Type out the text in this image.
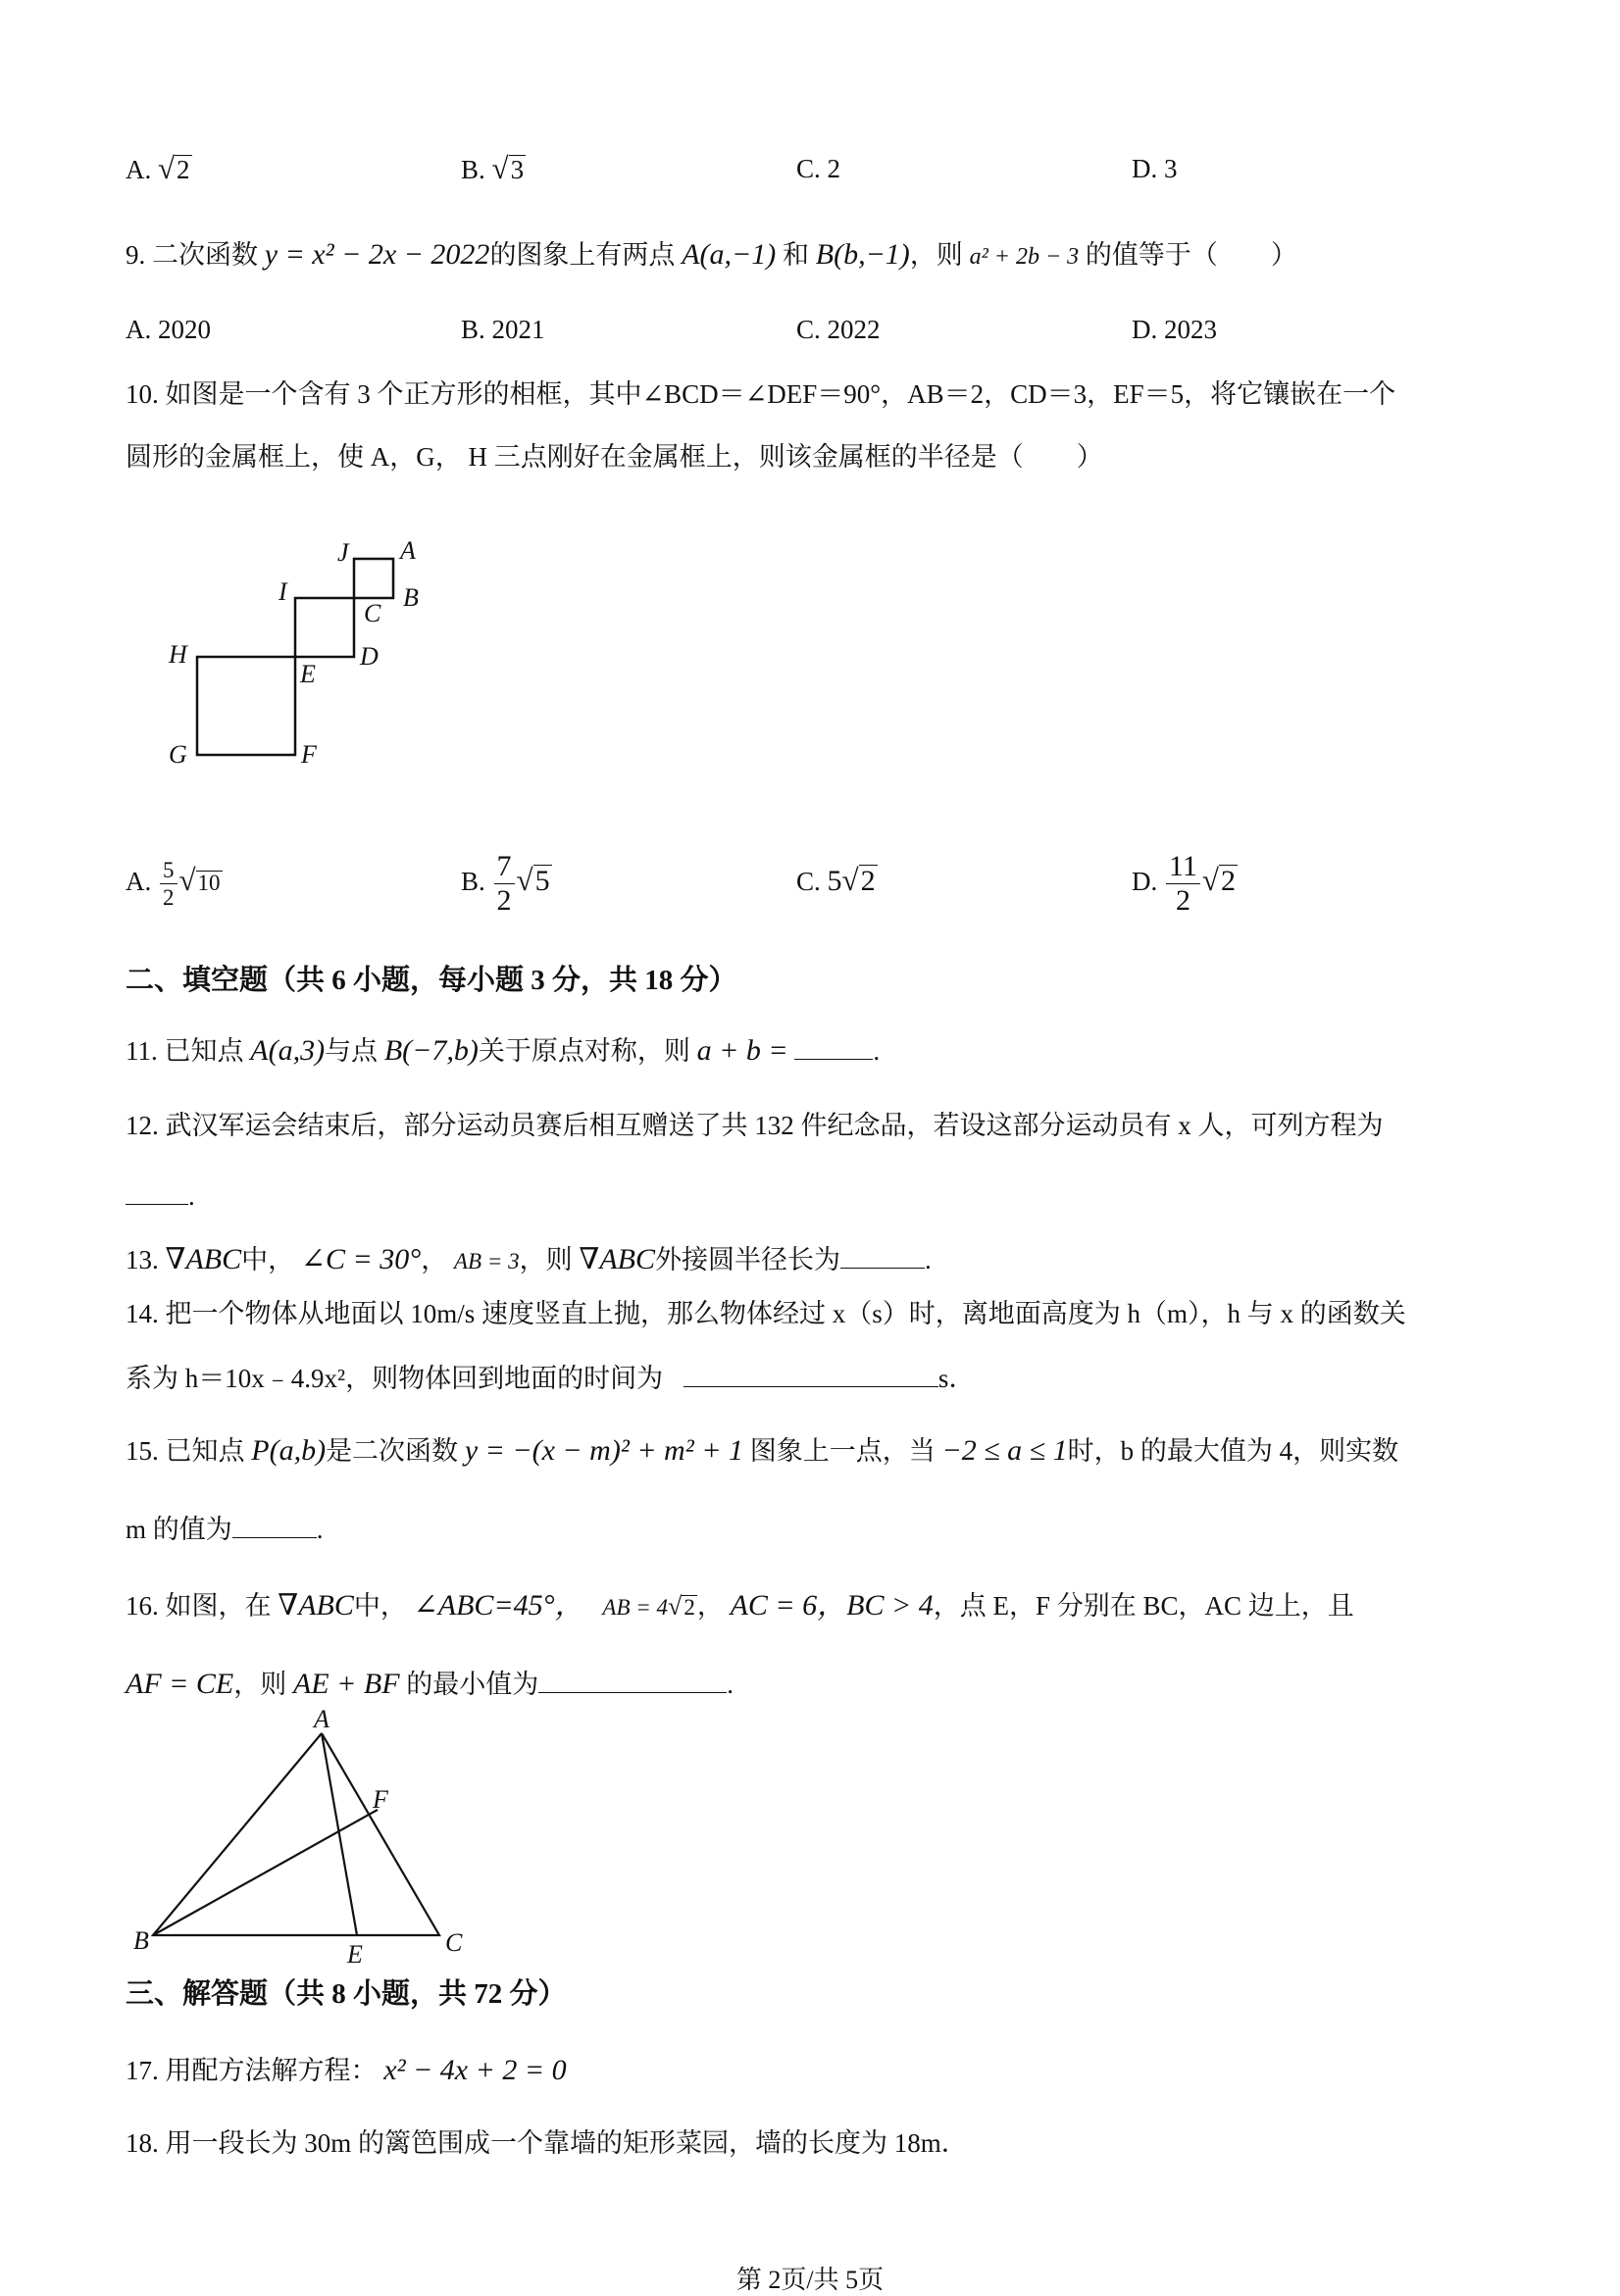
A. √2	B. √3	C. 2	D. 3
9. 二次函数 y = x² − 2x − 2022的图象上有两点 A(a,−1) 和 B(b,−1)，则 a² + 2b − 3 的值等于（　　）
A. 2020	B. 2021	C. 2022	D. 2023
10. 如图是一个含有 3 个正方形的相框，其中∠BCD＝∠DEF＝90°，AB＝2，CD＝3，EF＝5，将它镶嵌在一个
圆形的金属框上，使 A，G， H 三点刚好在金属框上，则该金属框的半径是（　　）
J A
I
C
B
H
E
D
G	F
A. $\frac{5}{2} √10$	B. $\frac{7}{2} √5$	C. 5√2	D. $\frac{11}{2} √2$
二、填空题（共 6 小题，每小题 3 分，共 18 分）
11. 已知点 A(a,3)与点 B(−7,b)关于原点对称，则 a + b =	.
12. 武汉军运会结束后，部分运动员赛后相互赠送了共 132 件纪念品，若设这部分运动员有 x 人，可列方程为
.
13. ∇ABC中， ∠C = 30°， AB = 3，则 ∇ABC外接圆半径长为	.
14. 把一个物体从地面以 10m/s 速度竖直上抛，那么物体经过 x（s）时，离地面高度为 h（m），h 与 x 的函数关
系为 h＝10x﹣4.9x²，则物体回到地面的时间为	s．
15. 已知点 P(a,b)是二次函数 y = −(x − m)² + m² + 1 图象上一点，当 −2 ≤ a ≤ 1时，b 的最大值为 4，则实数
m 的值为	.
16. 如图，在 ∇ABC中， ∠ABC=45°， AB = 4√2， AC = 6，BC > 4，点 E，F 分别在 BC，AC 边上，且
AF = CE，则 AE + BF 的最小值为	.
A
F
B	E	C
三、解答题（共 8 小题，共 72 分）
17. 用配方法解方程： x² − 4x + 2 = 0
18. 用一段长为 30m 的篱笆围成一个靠墙的矩形菜园，墙的长度为 18m．
第 2页/共 5页
